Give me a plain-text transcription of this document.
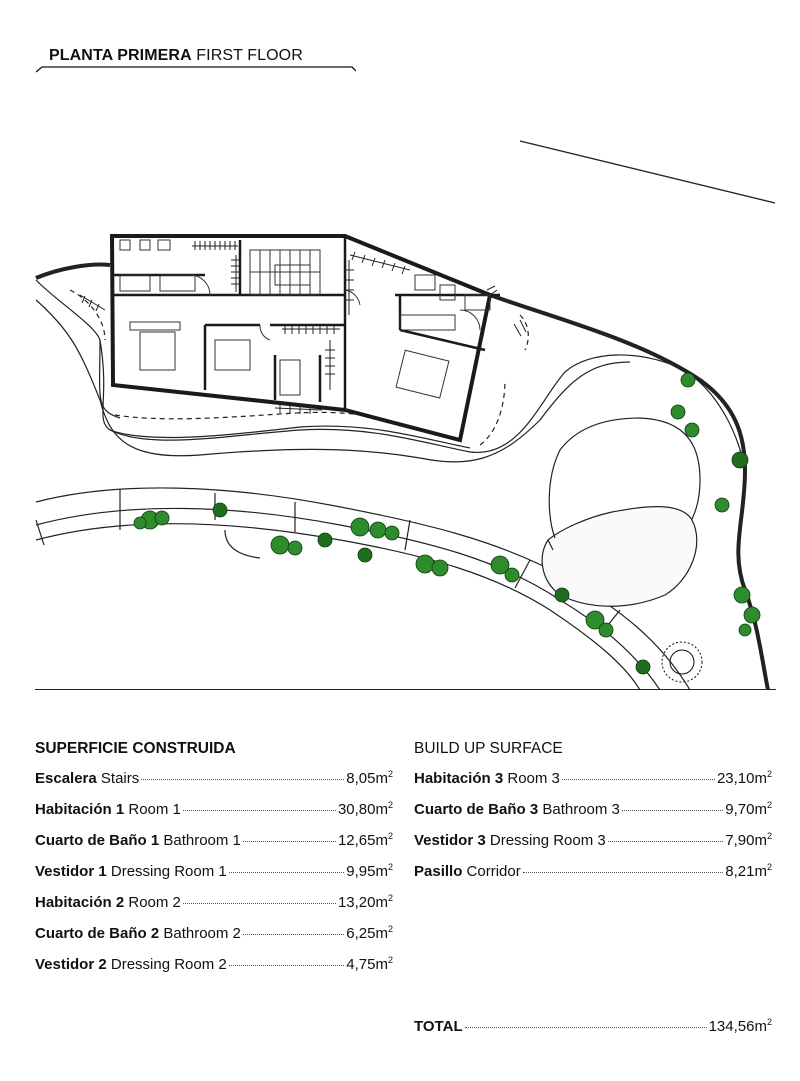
PLANTA PRIMERA FIRST FLOOR
SUPERFICIE CONSTRUIDA
Escalera Stairs	$8,05m^2$
Habitación 1 Room 1	$30,80m^2$
Cuarto de Baño 1 Bathroom 1	$12,65m^2$
Vestidor 1 Dressing Room 1	$9,95m^2$
Habitación 2 Room 2	$13,20m^2$
Cuarto de Baño 2 Bathroom 2	$6,25m^2$
Vestidor 2 Dressing Room 2	$4,75m^2$
BUILD UP SURFACE
Habitación 3 Room 3	$23,10m^2$
Cuarto de Baño 3 Bathroom 3	$9,70m^2$
Vestidor 3 Dressing Room 3	$7,90m^2$
Pasillo Corridor	$8,21m^2$
TOTAL	$134,56m^2$
